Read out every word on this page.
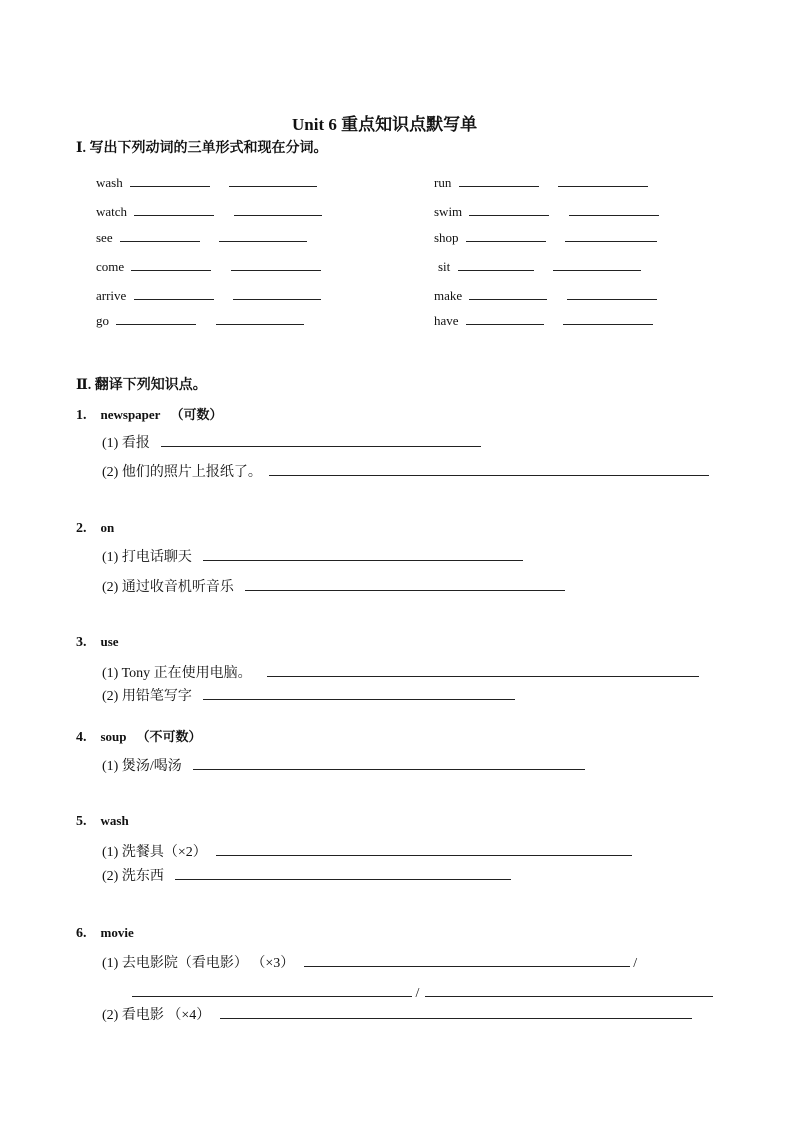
Unit 6 重点知识点默写单
Ⅰ. 写出下列动词的三单形式和现在分词。
wash
watch
see
come
arrive
go
run
swim
shop
sit
make
have
Ⅱ. 翻译下列知识点。
1. newspaper （可数）
(1) 看报
(2) 他们的照片上报纸了。
2. on
(1) 打电话聊天
(2) 通过收音机听音乐
3. use
(1) Tony 正在使用电脑。
(2) 用铅笔写字
4. soup （不可数）
(1) 煲汤/喝汤
5. wash
(1) 洗餐具（×2）
(2) 洗东西
6. movie
(1) 去电影院（看电影） （×3）	/
/
(2) 看电影 （×4）
